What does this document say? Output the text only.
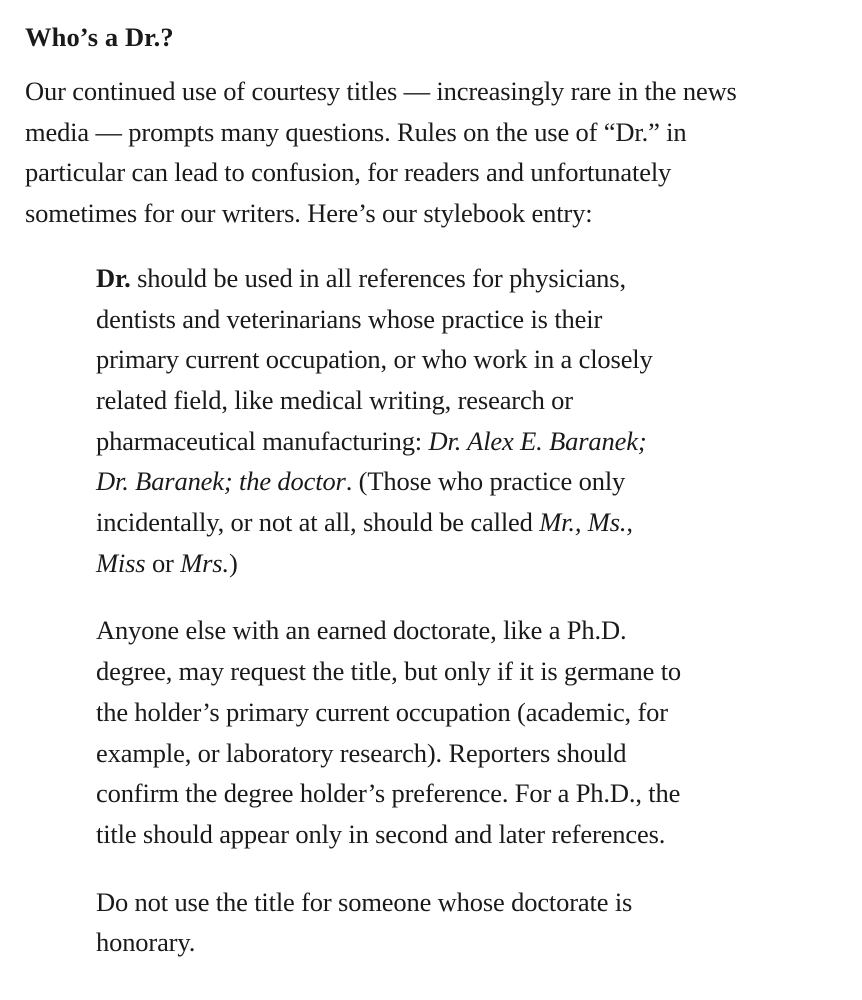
Who’s a Dr.?

Our continued use of courtesy titles — increasingly rare in the news
media — prompts many questions. Rules on the use of “Dr.” in
particular can lead to confusion, for readers and unfortunately
sometimes for our writers. Here’s our stylebook entry:

Dr. should be used in all references for physicians,
dentists and veterinarians whose practice is their
primary current occupation, or who work in a closely
related field, like medical writing, research or
pharmaceutical manufacturing: Dr. Alex E. Baranek;
Dr. Baranek; the doctor. (Those who practice only
incidentally, or not at all, should be called Mr., Ms.,
Miss or Mrs.)

Anyone else with an earned doctorate, like a Ph.D.
degree, may request the title, but only if it is germane to
the holder’s primary current occupation (academic, for
example, or laboratory research). Reporters should
confirm the degree holder’s preference. For a Ph.D., the
title should appear only in second and later references.

Do not use the title for someone whose doctorate is
honorary.
